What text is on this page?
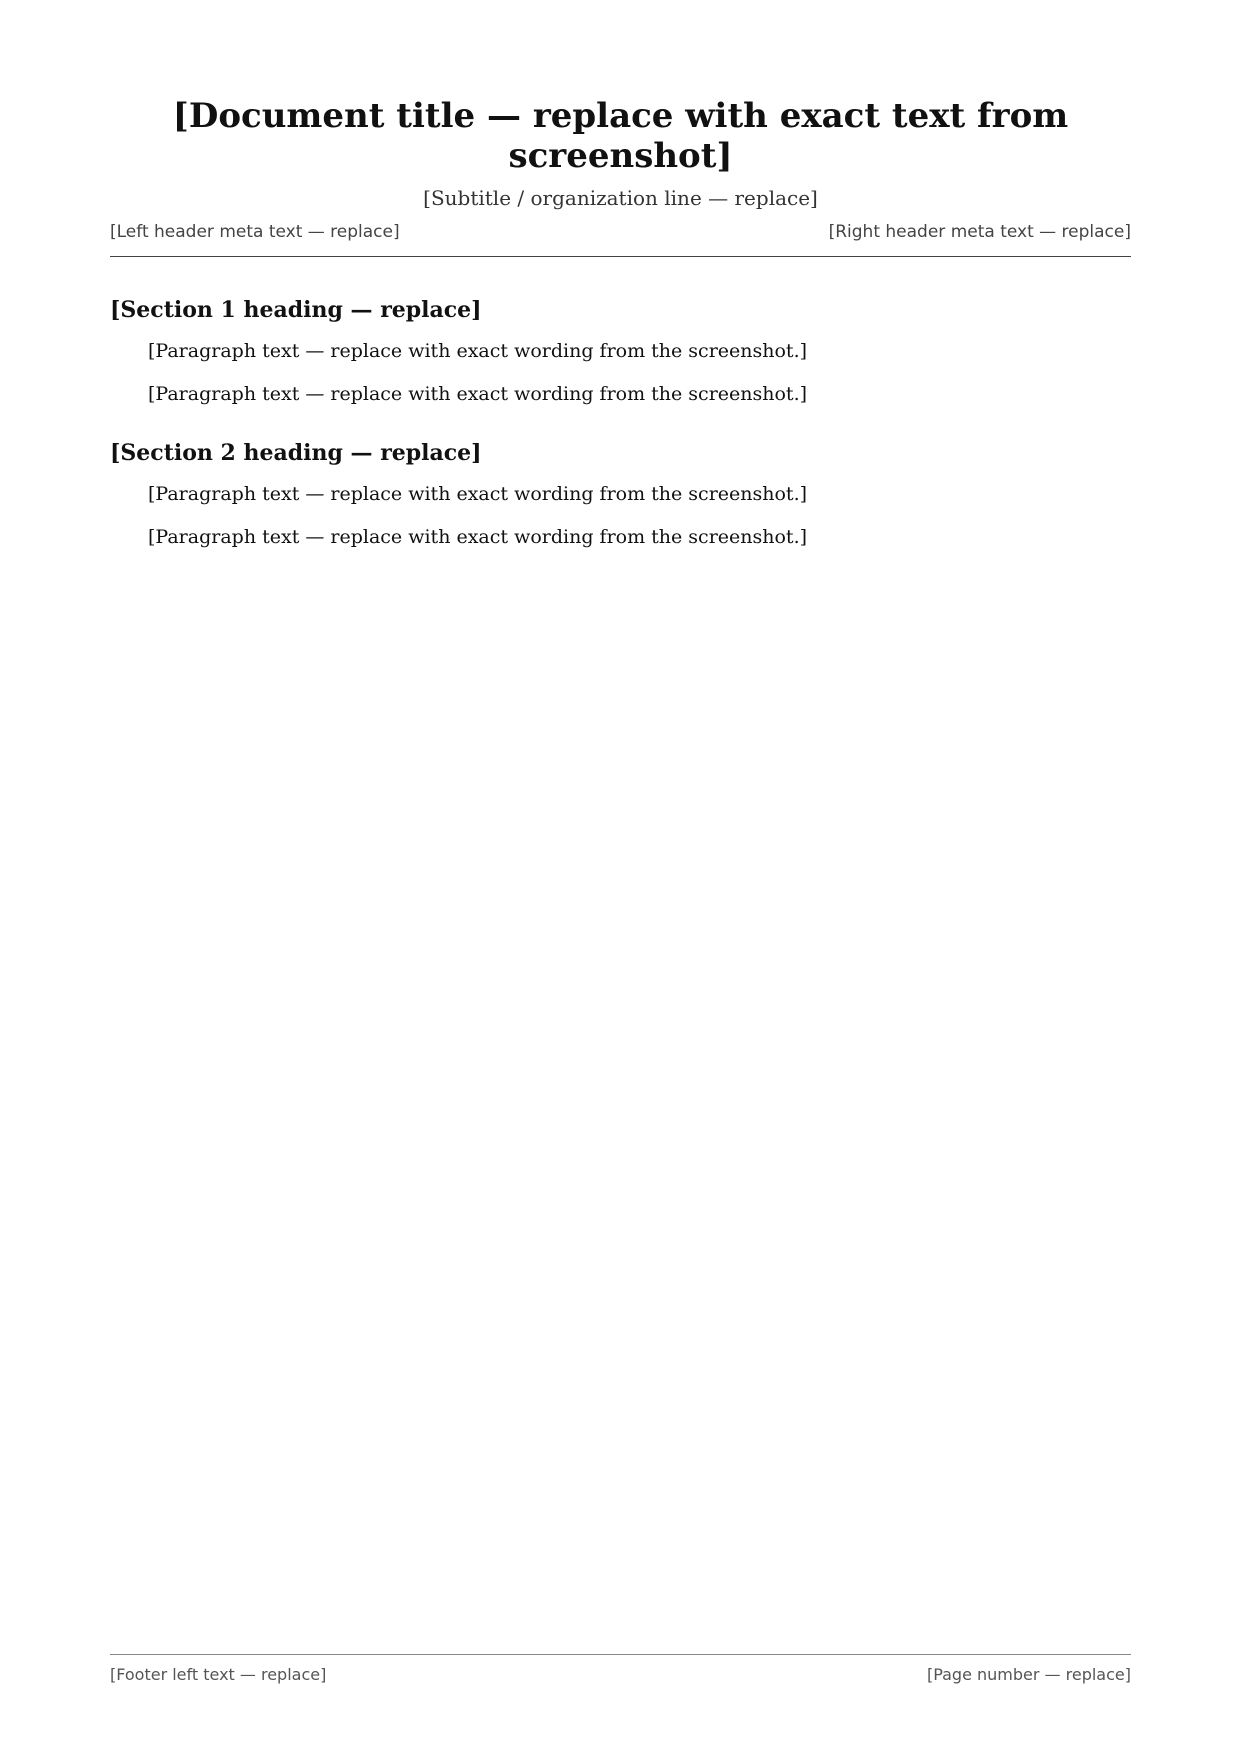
[Document title — replace with exact text from screenshot]

[Subtitle / organization line — replace]

[Left header meta text — replace]	[Right header meta text — replace]
[Section 1 heading — replace]

[Paragraph text — replace with exact wording from the screenshot.]

[Paragraph text — replace with exact wording from the screenshot.]

[Section 2 heading — replace]

[Paragraph text — replace with exact wording from the screenshot.]

[Paragraph text — replace with exact wording from the screenshot.]

[Footer left text — replace]	[Page number — replace]
